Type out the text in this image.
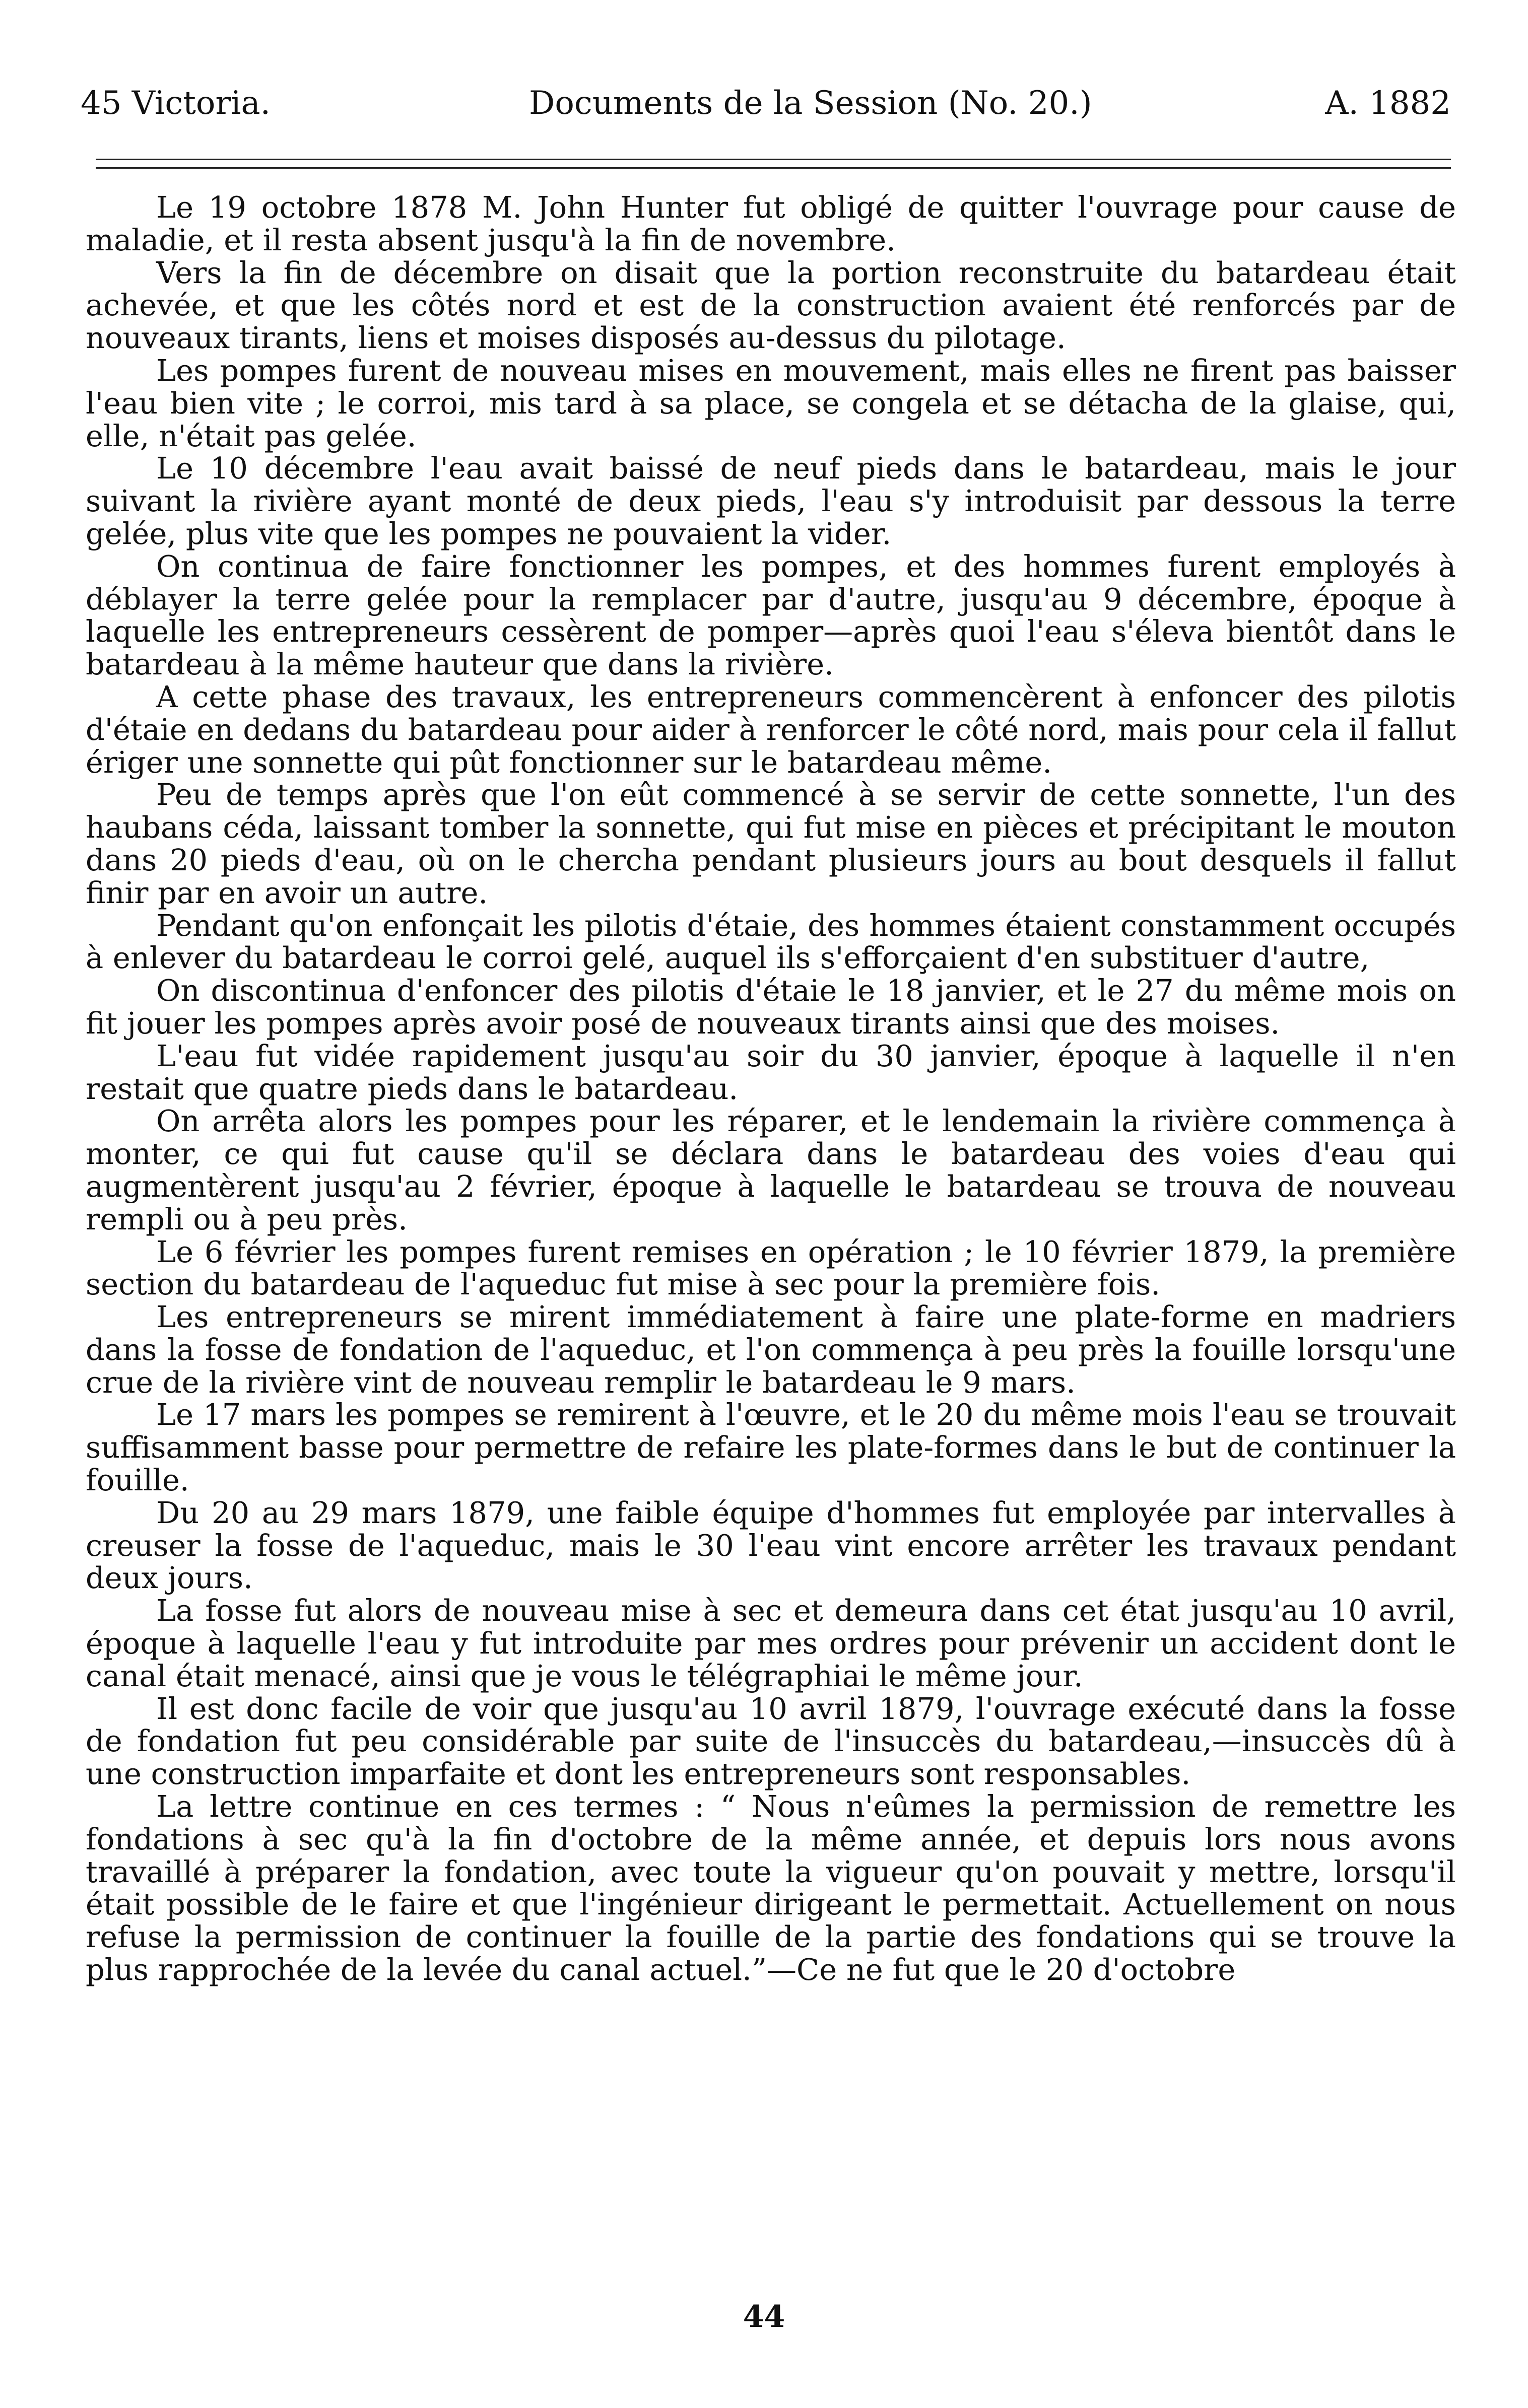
45 Victoria.	Documents de la Session (No. 20.)	A. 1882

Le 19 octobre 1878 M. John Hunter fut obligé de quitter l'ouvrage pour cause de maladie, et il resta absent jusqu'à la fin de novembre.

Vers la fin de décembre on disait que la portion reconstruite du batardeau était achevée, et que les côtés nord et est de la construction avaient été renforcés par de nouveaux tirants, liens et moises disposés au-dessus du pilotage.

Les pompes furent de nouveau mises en mouvement, mais elles ne firent pas baisser l'eau bien vite ; le corroi, mis tard à sa place, se congela et se détacha de la glaise, qui, elle, n'était pas gelée.

Le 10 décembre l'eau avait baissé de neuf pieds dans le batardeau, mais le jour suivant la rivière ayant monté de deux pieds, l'eau s'y introduisit par dessous la terre gelée, plus vite que les pompes ne pouvaient la vider.

On continua de faire fonctionner les pompes, et des hommes furent employés à déblayer la terre gelée pour la remplacer par d'autre, jusqu'au 9 décembre, époque à laquelle les entrepreneurs cessèrent de pomper—après quoi l'eau s'éleva bientôt dans le batardeau à la même hauteur que dans la rivière.

A cette phase des travaux, les entrepreneurs commencèrent à enfoncer des pilotis d'étaie en dedans du batardeau pour aider à renforcer le côté nord, mais pour cela il fallut ériger une sonnette qui pût fonctionner sur le batardeau même.

Peu de temps après que l'on eût commencé à se servir de cette sonnette, l'un des haubans céda, laissant tomber la sonnette, qui fut mise en pièces et précipitant le mouton dans 20 pieds d'eau, où on le chercha pendant plusieurs jours au bout desquels il fallut finir par en avoir un autre.

Pendant qu'on enfonçait les pilotis d'étaie, des hommes étaient constamment occupés à enlever du batardeau le corroi gelé, auquel ils s'efforçaient d'en substituer d'autre,

On discontinua d'enfoncer des pilotis d'étaie le 18 janvier, et le 27 du même mois on fit jouer les pompes après avoir posé de nouveaux tirants ainsi que des moises.

L'eau fut vidée rapidement jusqu'au soir du 30 janvier, époque à laquelle il n'en restait que quatre pieds dans le batardeau.

On arrêta alors les pompes pour les réparer, et le lendemain la rivière commença à monter, ce qui fut cause qu'il se déclara dans le batardeau des voies d'eau qui augmentèrent jusqu'au 2 février, époque à laquelle le batardeau se trouva de nouveau rempli ou à peu près.

Le 6 février les pompes furent remises en opération ; le 10 février 1879, la première section du batardeau de l'aqueduc fut mise à sec pour la première fois.

Les entrepreneurs se mirent immédiatement à faire une plate-forme en madriers dans la fosse de fondation de l'aqueduc, et l'on commença à peu près la fouille lorsqu'une crue de la rivière vint de nouveau remplir le batardeau le 9 mars.

Le 17 mars les pompes se remirent à l'œuvre, et le 20 du même mois l'eau se trouvait suffisamment basse pour permettre de refaire les plate-formes dans le but de continuer la fouille.

Du 20 au 29 mars 1879, une faible équipe d'hommes fut employée par intervalles à creuser la fosse de l'aqueduc, mais le 30 l'eau vint encore arrêter les travaux pendant deux jours.

La fosse fut alors de nouveau mise à sec et demeura dans cet état jusqu'au 10 avril, époque à laquelle l'eau y fut introduite par mes ordres pour prévenir un accident dont le canal était menacé, ainsi que je vous le télégraphiai le même jour.

Il est donc facile de voir que jusqu'au 10 avril 1879, l'ouvrage exécuté dans la fosse de fondation fut peu considérable par suite de l'insuccès du batardeau,—insuccès dû à une construction imparfaite et dont les entrepreneurs sont responsables.

La lettre continue en ces termes : “ Nous n'eûmes la permission de remettre les fondations à sec qu'à la fin d'octobre de la même année, et depuis lors nous avons travaillé à préparer la fondation, avec toute la vigueur qu'on pouvait y mettre, lorsqu'il était possible de le faire et que l'ingénieur dirigeant le permettait. Actuellement on nous refuse la permission de continuer la fouille de la partie des fondations qui se trouve la plus rapprochée de la levée du canal actuel.”—Ce ne fut que le 20 d'octobre

44
